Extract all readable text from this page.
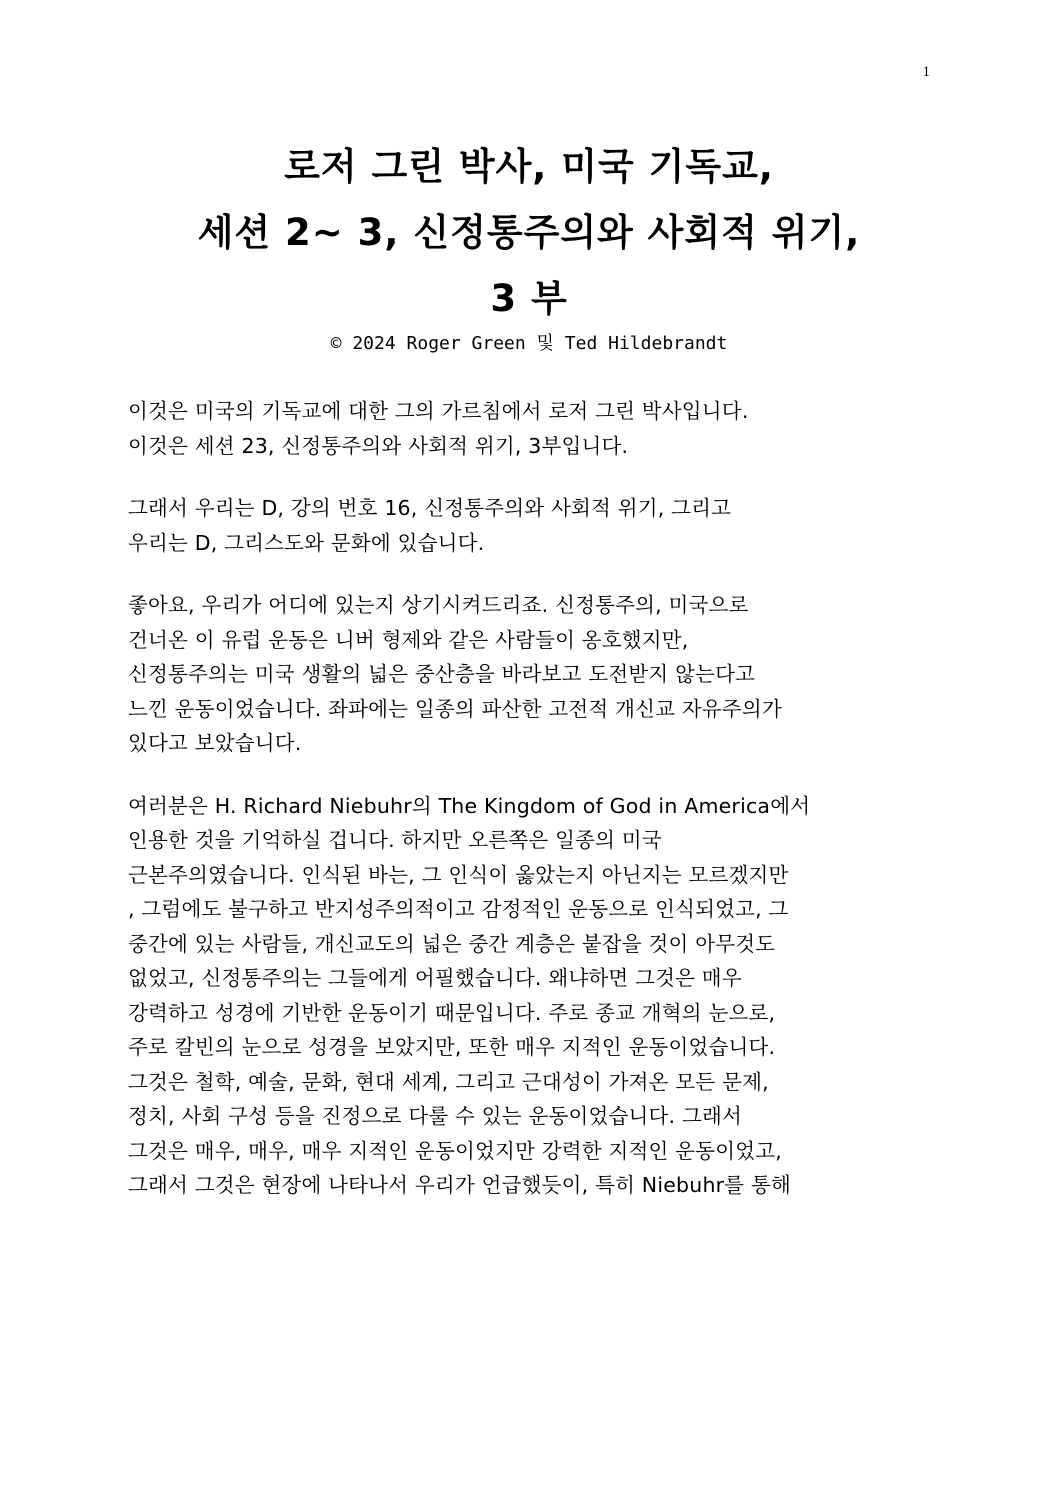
1
로저 그린 박사, 미국 기독교,
세션 2~ 3, 신정통주의와 사회적 위기,
3 부
© 2024 Roger Green 및 Ted Hildebrandt
이것은 미국의 기독교에 대한 그의 가르침에서 로저 그린 박사입니다.
이것은 세션 23, 신정통주의와 사회적 위기, 3부입니다.
그래서 우리는 D, 강의 번호 16, 신정통주의와 사회적 위기, 그리고
우리는 D, 그리스도와 문화에 있습니다.
좋아요, 우리가 어디에 있는지 상기시켜드리죠. 신정통주의, 미국으로
건너온 이 유럽 운동은 니버 형제와 같은 사람들이 옹호했지만,
신정통주의는 미국 생활의 넓은 중산층을 바라보고 도전받지 않는다고
느낀 운동이었습니다. 좌파에는 일종의 파산한 고전적 개신교 자유주의가
있다고 보았습니다.
여러분은 H. Richard Niebuhr의 The Kingdom of God in America에서
인용한 것을 기억하실 겁니다. 하지만 오른쪽은 일종의 미국
근본주의였습니다. 인식된 바는, 그 인식이 옳았는지 아닌지는 모르겠지만
, 그럼에도 불구하고 반지성주의적이고 감정적인 운동으로 인식되었고, 그
중간에 있는 사람들, 개신교도의 넓은 중간 계층은 붙잡을 것이 아무것도
없었고, 신정통주의는 그들에게 어필했습니다. 왜냐하면 그것은 매우
강력하고 성경에 기반한 운동이기 때문입니다. 주로 종교 개혁의 눈으로,
주로 칼빈의 눈으로 성경을 보았지만, 또한 매우 지적인 운동이었습니다.
그것은 철학, 예술, 문화, 현대 세계, 그리고 근대성이 가져온 모든 문제,
정치, 사회 구성 등을 진정으로 다룰 수 있는 운동이었습니다. 그래서
그것은 매우, 매우, 매우 지적인 운동이었지만 강력한 지적인 운동이었고,
그래서 그것은 현장에 나타나서 우리가 언급했듯이, 특히 Niebuhr를 통해
